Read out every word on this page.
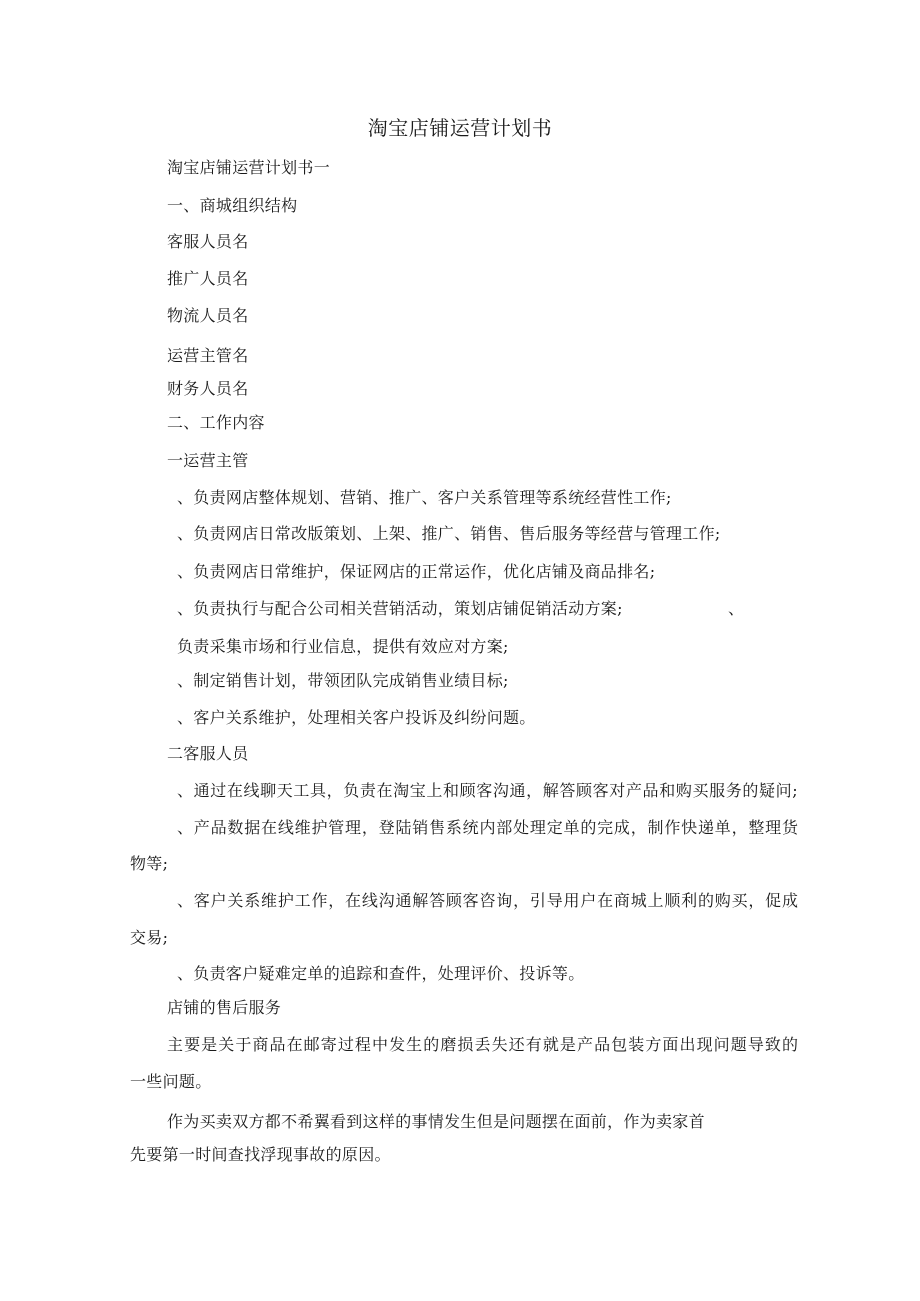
淘宝店铺运营计划书
淘宝店铺运营计划书一
一、商城组织结构
客服人员名
推广人员名
物流人员名
运营主管名
财务人员名
二、工作内容
一运营主管
、负责网店整体规划、营销、推广、客户关系管理等系统经营性工作;
、负责网店日常改版策划、上架、推广、销售、售后服务等经营与管理工作;
、负责网店日常维护，保证网店的正常运作，优化店铺及商品排名;
、负责执行与配合公司相关营销活动，策划店铺促销活动方案;	、
负责采集市场和行业信息，提供有效应对方案;
、制定销售计划，带领团队完成销售业绩目标;
、客户关系维护，处理相关客户投诉及纠纷问题。
二客服人员
、通过在线聊天工具，负责在淘宝上和顾客沟通，解答顾客对产品和购买服务的疑问;
、产品数据在线维护管理，登陆销售系统内部处理定单的完成，制作快递单，整理货
物等;
、客户关系维护工作，在线沟通解答顾客咨询，引导用户在商城上顺利的购买，促成
交易;
、负责客户疑难定单的追踪和查件，处理评价、投诉等。
店铺的售后服务
主要是关于商品在邮寄过程中发生的磨损丢失还有就是产品包装方面出现问题导致的
一些问题。
作为买卖双方都不希翼看到这样的事情发生但是问题摆在面前，作为卖家首
先要第一时间查找浮现事故的原因。
